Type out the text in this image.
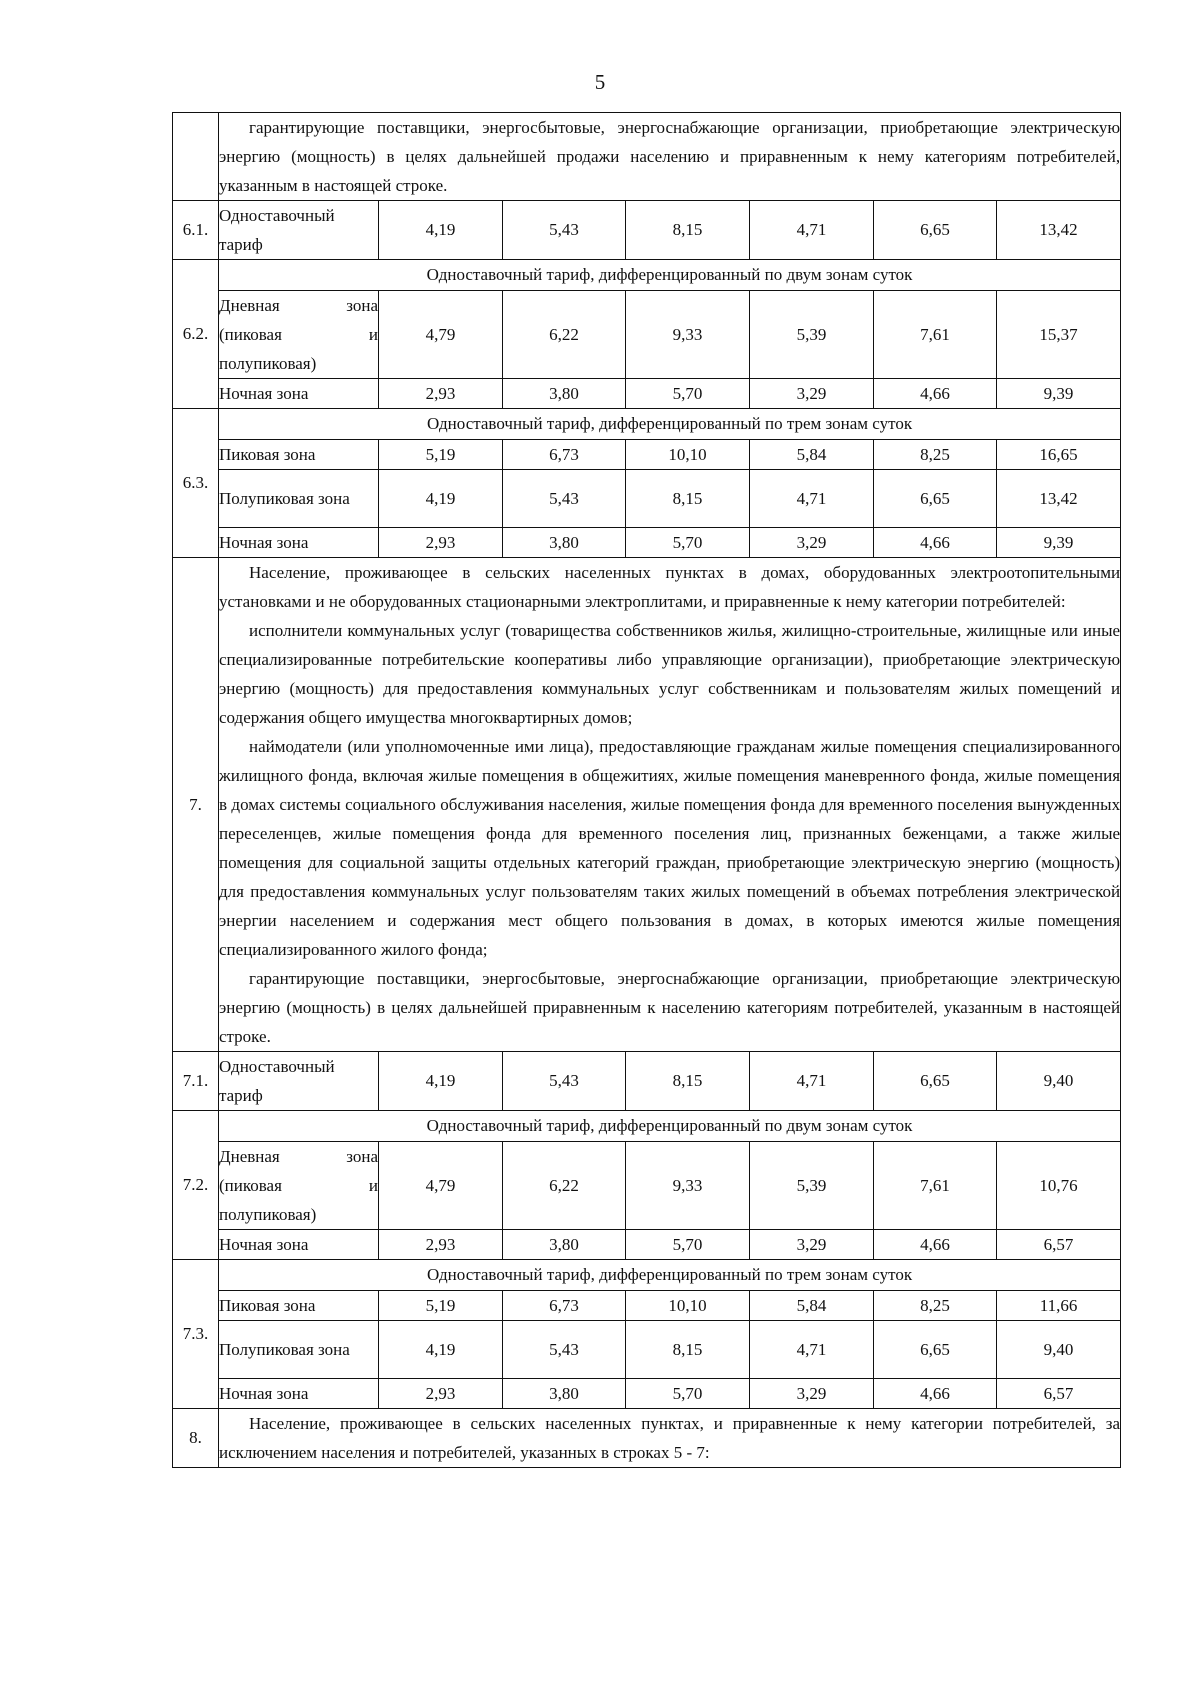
5

	гарантирующие поставщики, энергосбытовые, энергоснабжающие организации, приобретающие электрическую энергию (мощность) в целях дальнейшей продажи населению и приравненным к нему категориям потребителей, указанным в настоящей строке.						

6.1.	Одноставочный тариф	4,19	5,43	8,15	4,71	6,65	13,42
6.2.	Одноставочный тариф, дифференцированный по двум зонам суток						
	Дневная зона (пиковая и полупиковая)	4,79	6,22	9,33	5,39	7,61	15,37
	Ночная зона	2,93	3,80	5,70	3,29	4,66	9,39
6.3.	Одноставочный тариф, дифференцированный по трем зонам суток						
	Пиковая зона	5,19	6,73	10,10	5,84	8,25	16,65
	Полупиковая зона	4,19	5,43	8,15	4,71	6,65	13,42
	Ночная зона	2,93	3,80	5,70	3,29	4,66	9,39
7.	Население, проживающее в сельских населенных пунктах в домах, оборудованных электроотопительными установками и не оборудованных стационарными электроплитами, и приравненные к нему категории потребителей:

исполнители коммунальных услуг (товарищества собственников жилья, жилищно-строительные, жилищные или иные специализированные потребительские кооперативы либо управляющие организации), приобретающие электрическую энергию (мощность) для предоставления коммунальных услуг собственникам и пользователям жилых помещений и содержания общего имущества многоквартирных домов;

наймодатели (или уполномоченные ими лица), предоставляющие гражданам жилые помещения специализированного жилищного фонда, включая жилые помещения в общежитиях, жилые помещения маневренного фонда, жилые помещения в домах системы социального обслуживания населения, жилые помещения фонда для временного поселения вынужденных переселенцев, жилые помещения фонда для временного поселения лиц, признанных беженцами, а также жилые помещения для социальной защиты отдельных категорий граждан, приобретающие электрическую энергию (мощность) для предоставления коммунальных услуг пользователям таких жилых помещений в объемах потребления электрической энергии населением и содержания мест общего пользования в домах, в которых имеются жилые помещения специализированного жилого фонда;

гарантирующие поставщики, энергосбытовые, энергоснабжающие организации, приобретающие электрическую энергию (мощность) в целях дальнейшей приравненным к населению категориям потребителей, указанным в настоящей строке.						

7.1.	Одноставочный тариф	4,19	5,43	8,15	4,71	6,65	9,40
7.2.	Одноставочный тариф, дифференцированный по двум зонам суток						
	Дневная зона (пиковая и полупиковая)	4,79	6,22	9,33	5,39	7,61	10,76
	Ночная зона	2,93	3,80	5,70	3,29	4,66	6,57
7.3.	Одноставочный тариф, дифференцированный по трем зонам суток						
	Пиковая зона	5,19	6,73	10,10	5,84	8,25	11,66
	Полупиковая зона	4,19	5,43	8,15	4,71	6,65	9,40
	Ночная зона	2,93	3,80	5,70	3,29	4,66	6,57
8.	Население, проживающее в сельских населенных пунктах, и приравненные к нему категории потребителей, за исключением населения и потребителей, указанных в строках 5 - 7:						
